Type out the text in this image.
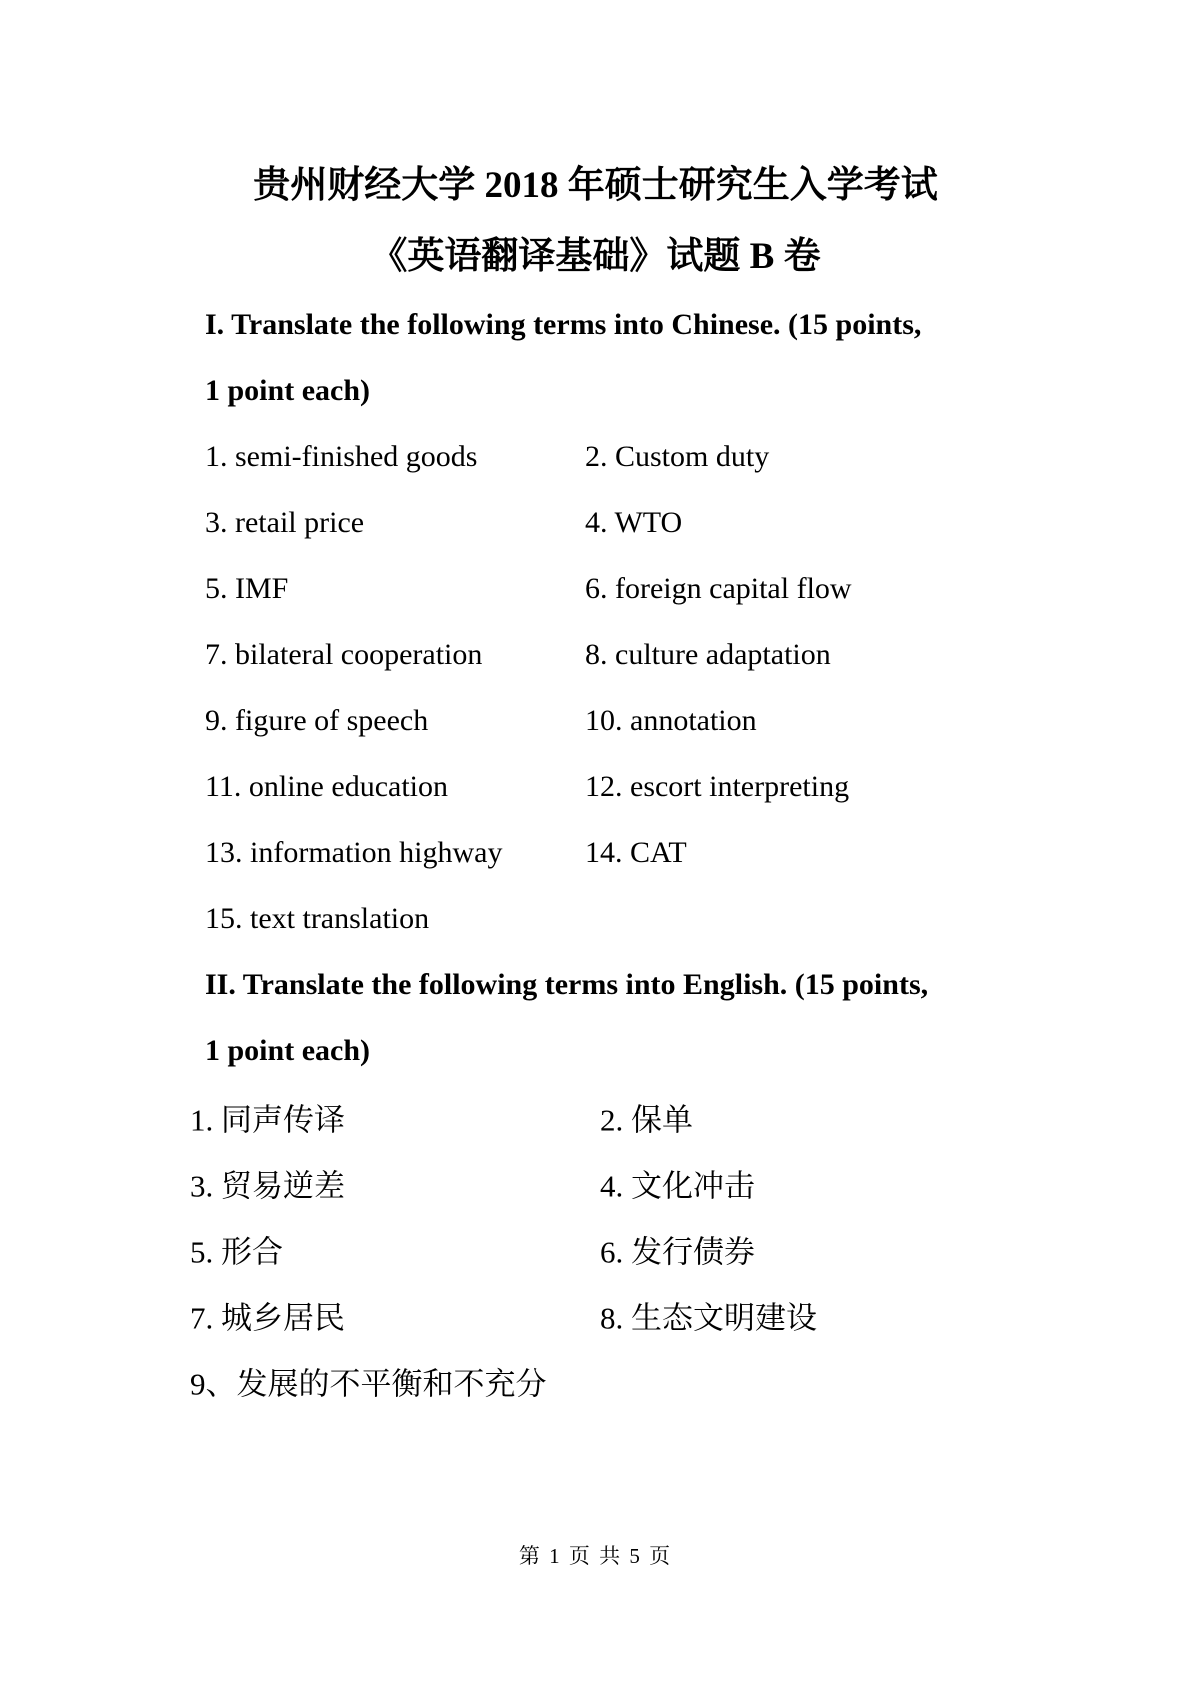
贵州财经大学 2018 年硕士研究生入学考试
《英语翻译基础》试题 B 卷
I. Translate the following terms into Chinese. (15 points,
1 point each)
1. semi-finished goods	2. Custom duty
3. retail price	4. WTO
5. IMF	6. foreign capital flow
7. bilateral cooperation	8. culture adaptation
9. figure of speech	10. annotation
11. online education	12. escort interpreting
13. information highway	14. CAT
15. text translation
II. Translate the following terms into English. (15 points,
1 point each)
1. 同声传译	2. 保单
3. 贸易逆差	4. 文化冲击
5. 形合	6. 发行债券
7. 城乡居民	8. 生态文明建设
9、发展的不平衡和不充分
第 1 页 共 5 页
